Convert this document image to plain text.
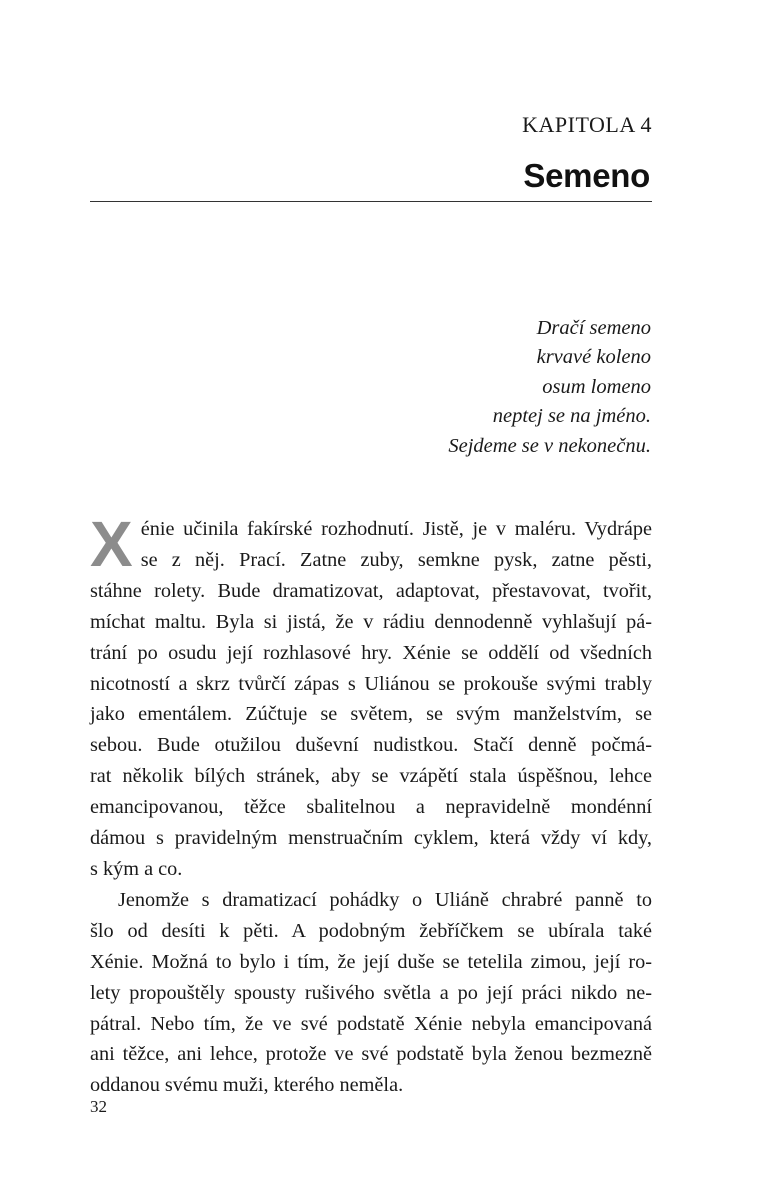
KAPITOLA 4
Semeno
Dračí semeno
krvavé koleno
osum lomeno
neptej se na jméno.
Sejdeme se v nekonečnu.
X énie učinila fakírské rozhodnutí. Jistě, je v maléru. Vydrápe
se z něj. Prací. Zatne zuby, semkne pysk, zatne pěsti,
stáhne rolety. Bude dramatizovat, adaptovat, přestavovat, tvořit,
míchat maltu. Byla si jistá, že v rádiu dennodenně vyhlašují pá-
trání po osudu její rozhlasové hry. Xénie se oddělí od všedních
nicotností a skrz tvůrčí zápas s Uliánou se prokouše svými trably
jako ementálem. Zúčtuje se světem, se svým manželstvím, se
sebou. Bude otužilou duševní nudistkou. Stačí denně počmá-
rat několik bílých stránek, aby se vzápětí stala úspěšnou, lehce
emancipovanou, těžce sbalitelnou a nepravidelně mondénní
dámou s pravidelným menstruačním cyklem, která vždy ví kdy,
s kým a co.
Jenomže s dramatizací pohádky o Uliáně chrabré panně to
šlo od desíti k pěti. A podobným žebříčkem se ubírala také
Xénie. Možná to bylo i tím, že její duše se tetelila zimou, její ro-
lety propouštěly spousty rušivého světla a po její práci nikdo ne-
pátral. Nebo tím, že ve své podstatě Xénie nebyla emancipovaná
ani těžce, ani lehce, protože ve své podstatě byla ženou bezmezně
oddanou svému muži, kterého neměla.
32
